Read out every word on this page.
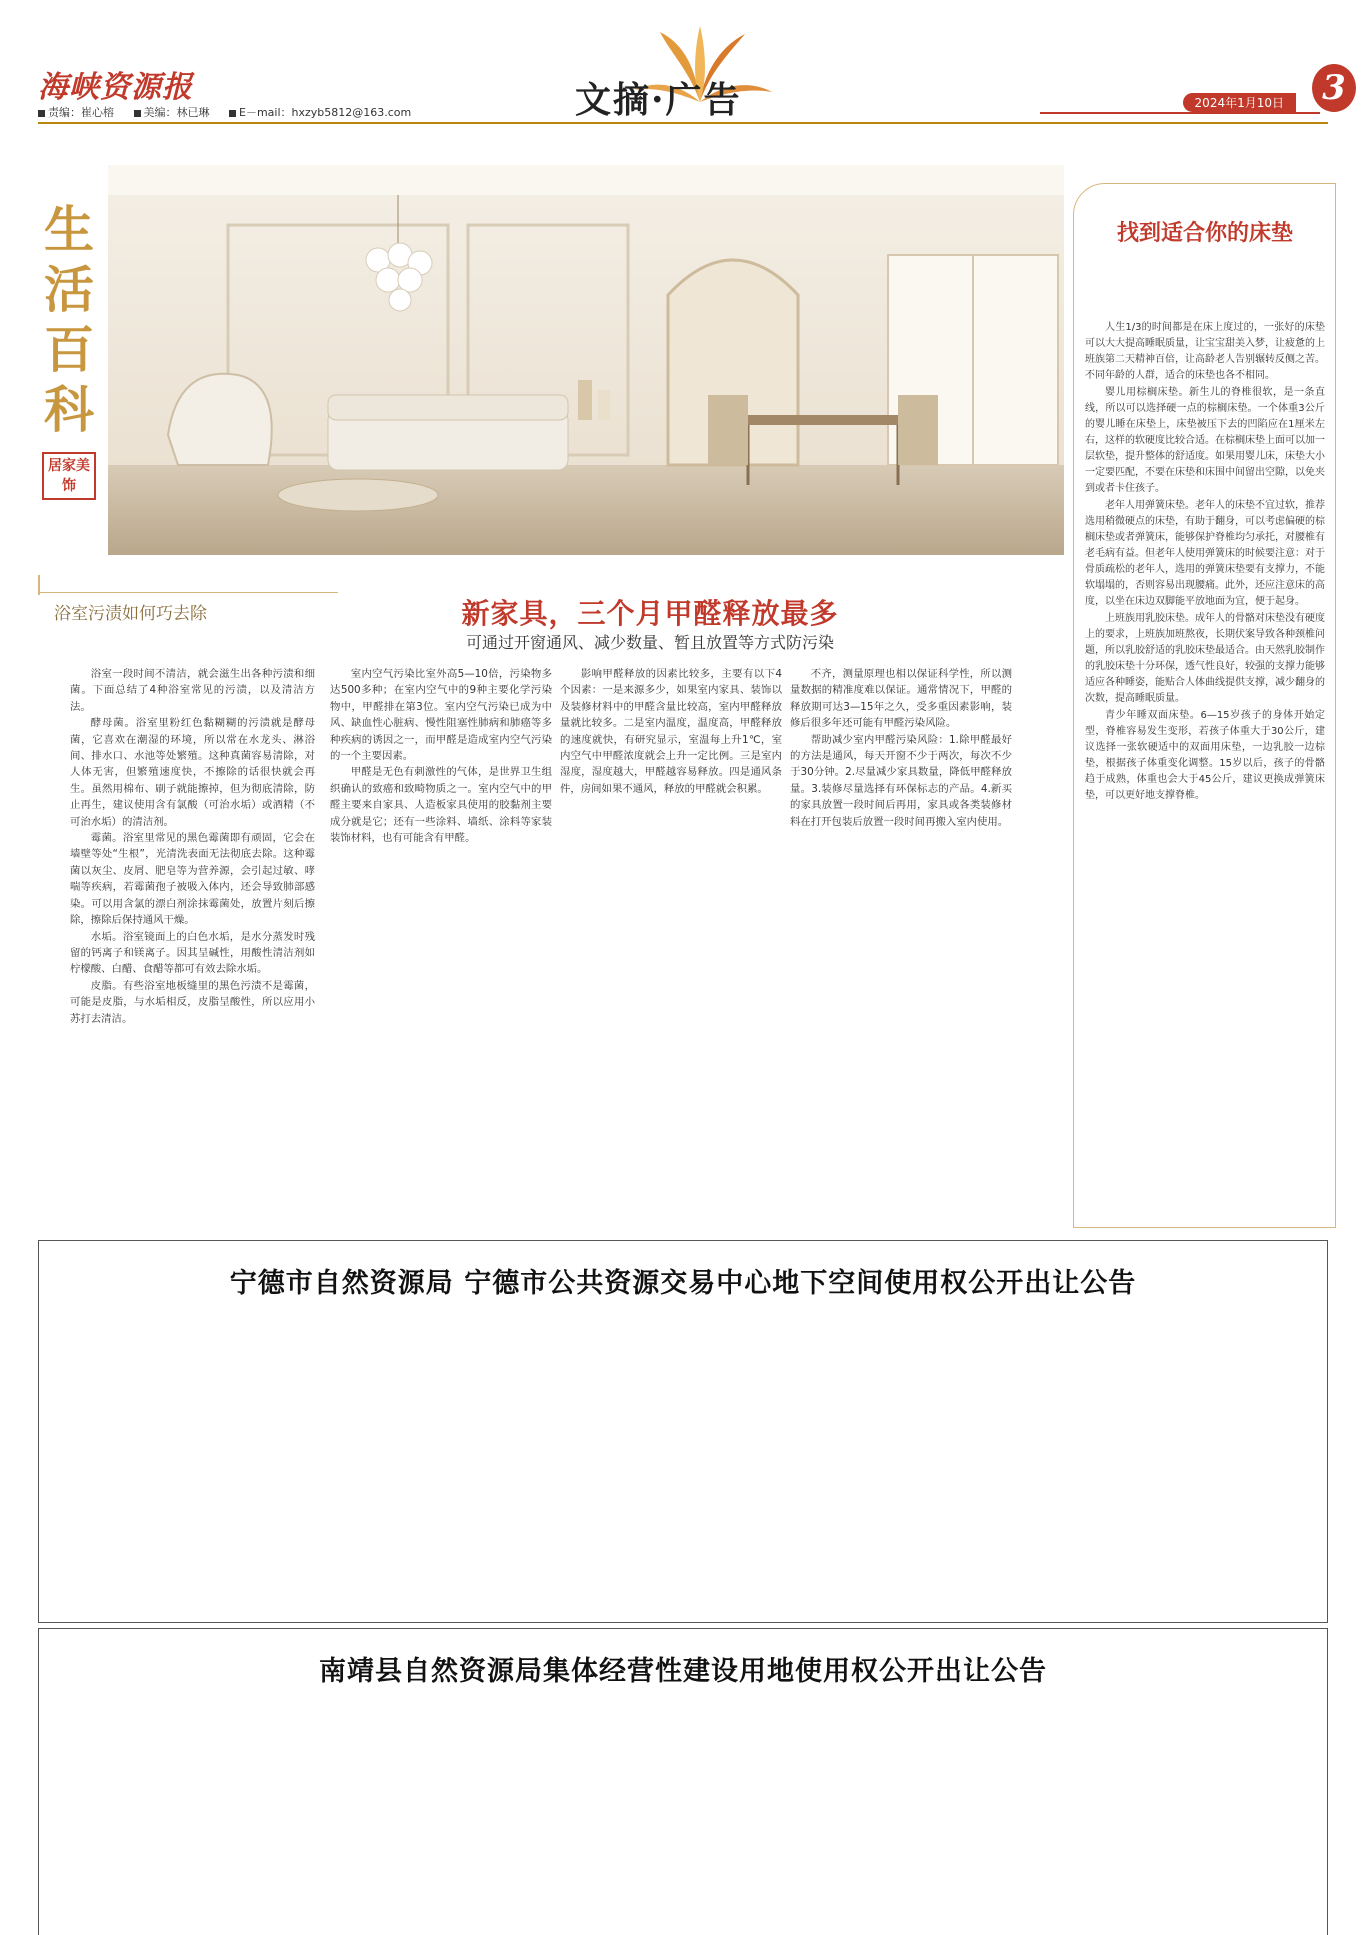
海峡资源报
责编：崔心榕	美编：林已琳	E－mail：hxzyb5812@163.com	文摘·广告	2024年1月10日	3
生
活
百
科
居家美饰
找到适合你的床垫

人生1/3的时间都是在床上度过的，一张好的床垫可以大大提高睡眠质量，让宝宝甜美入梦，让疲惫的上班族第二天精神百倍，让高龄老人告别辗转反侧之苦。不同年龄的人群，适合的床垫也各不相同。

婴儿用棕榈床垫。新生儿的脊椎很软，是一条直线，所以可以选择硬一点的棕榈床垫。一个体重3公斤的婴儿睡在床垫上，床垫被压下去的凹陷应在1厘米左右，这样的软硬度比较合适。在棕榈床垫上面可以加一层软垫，提升整体的舒适度。如果用婴儿床，床垫大小一定要匹配，不要在床垫和床围中间留出空隙，以免夹到或者卡住孩子。

老年人用弹簧床垫。老年人的床垫不宜过软，推荐选用稍微硬点的床垫，有助于翻身，可以考虑偏硬的棕榈床垫或者弹簧床，能够保护脊椎均匀承托，对腰椎有老毛病有益。但老年人使用弹簧床的时候要注意：对于骨质疏松的老年人，选用的弹簧床垫要有支撑力，不能软塌塌的，否则容易出现腰痛。此外，还应注意床的高度，以坐在床边双脚能平放地面为宜，便于起身。

上班族用乳胶床垫。成年人的骨骼对床垫没有硬度上的要求，上班族加班熬夜，长期伏案导致各种颈椎问题，所以乳胶舒适的乳胶床垫最适合。由天然乳胶制作的乳胶床垫十分环保，透气性良好，较强的支撑力能够适应各种睡姿，能贴合人体曲线提供支撑，减少翻身的次数，提高睡眠质量。

青少年睡双面床垫。6—15岁孩子的身体开始定型，脊椎容易发生变形，若孩子体重大于30公斤，建议选择一张软硬适中的双面用床垫，一边乳胶一边棕垫，根据孩子体重变化调整。15岁以后，孩子的骨骼趋于成熟，体重也会大于45公斤，建议更换成弹簧床垫，可以更好地支撑脊椎。

浴室污渍如何巧去除

浴室一段时间不清洁，就会滋生出各种污渍和细菌。下面总结了4种浴室常见的污渍，以及清洁方法。

酵母菌。浴室里粉红色黏糊糊的污渍就是酵母菌，它喜欢在潮湿的环境，所以常在水龙头、淋浴间、排水口、水池等处繁殖。这种真菌容易清除，对人体无害，但繁殖速度快，不擦除的话很快就会再生。虽然用棉布、刷子就能擦掉，但为彻底清除，防止再生，建议使用含有氯酸（可治水垢）或酒精（不可治水垢）的清洁剂。

霉菌。浴室里常见的黑色霉菌即有顽固，它会在墙壁等处“生根”，光清洗表面无法彻底去除。这种霉菌以灰尘、皮屑、肥皂等为营养源，会引起过敏、哮喘等疾病，若霉菌孢子被吸入体内，还会导致肺部感染。可以用含氯的漂白剂涂抹霉菌处，放置片刻后擦除，擦除后保持通风干燥。

水垢。浴室镜面上的白色水垢，是水分蒸发时残留的钙离子和镁离子。因其呈碱性，用酸性清洁剂如柠檬酸、白醋、食醋等都可有效去除水垢。

皮脂。有些浴室地板缝里的黑色污渍不是霉菌，可能是皮脂，与水垢相反，皮脂呈酸性，所以应用小苏打去清洁。

新家具，三个月甲醛释放最多
可通过开窗通风、减少数量、暂且放置等方式防污染

室内空气污染比室外高5—10倍，污染物多达500多种；在室内空气中的9种主要化学污染物中，甲醛排在第3位。室内空气污染已成为中风、缺血性心脏病、慢性阻塞性肺病和肺癌等多种疾病的诱因之一，而甲醛是造成室内空气污染的一个主要因素。

甲醛是无色有刺激性的气体，是世界卫生组织确认的致癌和致畸物质之一。室内空气中的甲醛主要来自家具、人造板家具使用的胶黏剂主要成分就是它；还有一些涂料、墙纸、涂料等家装装饰材料，也有可能含有甲醛。

影响甲醛释放的因素比较多，主要有以下4个因素：一是来源多少，如果室内家具、装饰以及装修材料中的甲醛含量比较高，室内甲醛释放量就比较多。二是室内温度，温度高，甲醛释放的速度就快，有研究显示，室温每上升1℃，室内空气中甲醛浓度就会上升一定比例。三是室内湿度，湿度越大，甲醛越容易释放。四是通风条件，房间如果不通风，释放的甲醛就会积累。

不齐，测量原理也相以保证科学性，所以测量数据的精准度难以保证。通常情况下，甲醛的释放期可达3—15年之久，受多重因素影响，装修后很多年还可能有甲醛污染风险。

帮助减少室内甲醛污染风险：1.除甲醛最好的方法是通风，每天开窗不少于两次，每次不少于30分钟。2.尽量减少家具数量，降低甲醛释放量。3.装修尽量选择有环保标志的产品。4.新买的家具放置一段时间后再用，家具或各类装修材料在打开包装后放置一段时间再搬入室内使用。

宁德市自然资源局 宁德市公共资源交易中心地下空间使用权公开出让公告
南靖县自然资源局集体经营性建设用地使用权公开出让公告
